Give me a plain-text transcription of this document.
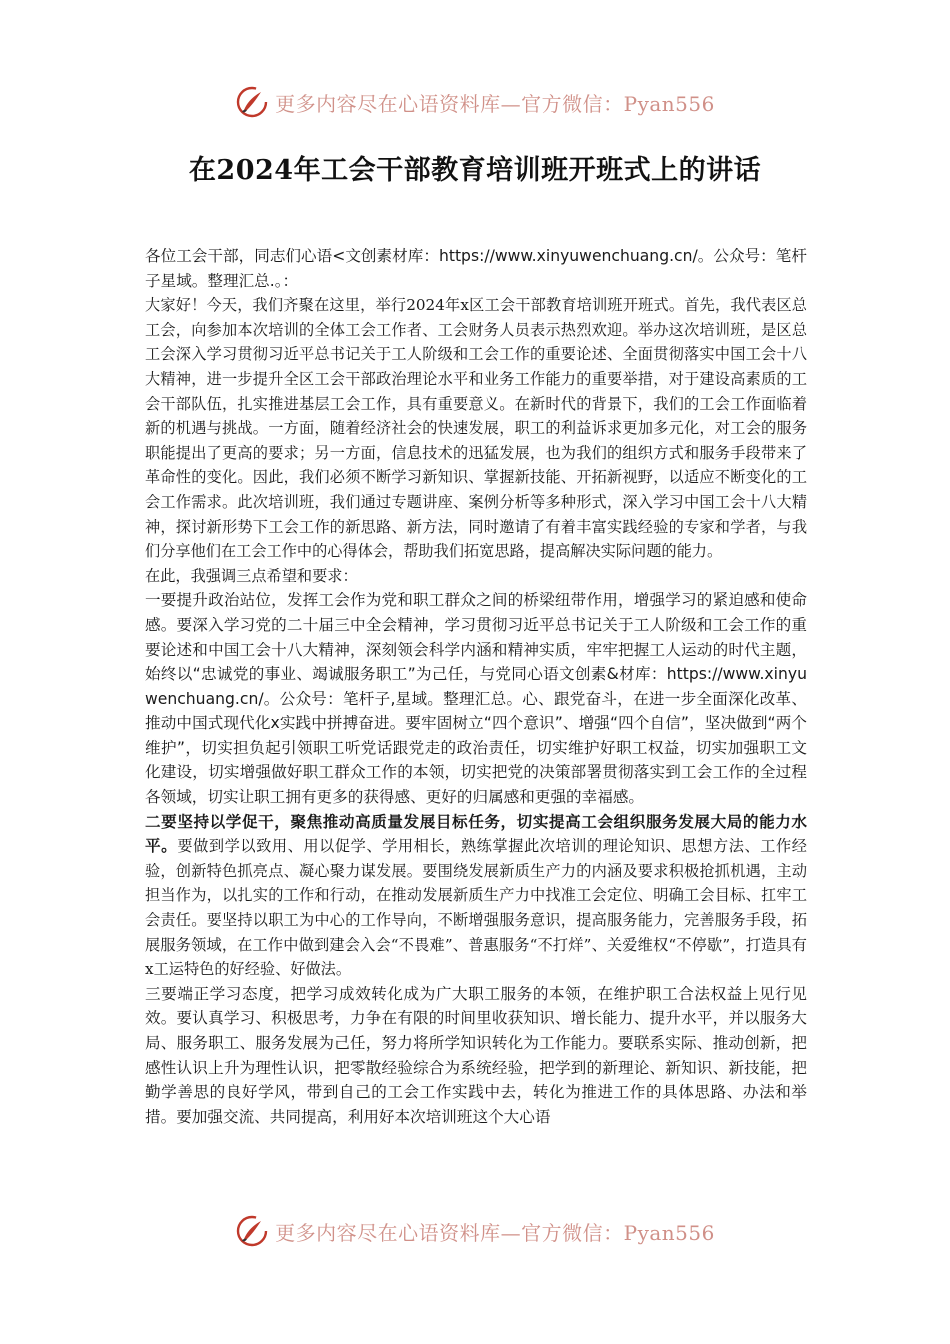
更多内容尽在心语资料库—官方微信：Pyan556
在2024年工会干部教育培训班开班式上的讲话

各位工会干部，同志们心语<文创素材库：https://www.xinyuwenchuang.cn/。公众号：笔杆子星域。整理汇总.。：

大家好！今天，我们齐聚在这里，举行2024年x区工会干部教育培训班开班式。首先，我代表区总工会，向参加本次培训的全体工会工作者、工会财务人员表示热烈欢迎。举办这次培训班，是区总工会深入学习贯彻习近平总书记关于工人阶级和工会工作的重要论述、全面贯彻落实中国工会十八大精神，进一步提升全区工会干部政治理论水平和业务工作能力的重要举措，对于建设高素质的工会干部队伍，扎实推进基层工会工作，具有重要意义。在新时代的背景下，我们的工会工作面临着新的机遇与挑战。一方面，随着经济社会的快速发展，职工的利益诉求更加多元化，对工会的服务职能提出了更高的要求；另一方面，信息技术的迅猛发展，也为我们的组织方式和服务手段带来了革命性的变化。因此，我们必须不断学习新知识、掌握新技能、开拓新视野，以适应不断变化的工会工作需求。此次培训班，我们通过专题讲座、案例分析等多种形式，深入学习中国工会十八大精神，探讨新形势下工会工作的新思路、新方法，同时邀请了有着丰富实践经验的专家和学者，与我们分享他们在工会工作中的心得体会，帮助我们拓宽思路，提高解决实际问题的能力。

在此，我强调三点希望和要求：

一要提升政治站位，发挥工会作为党和职工群众之间的桥梁纽带作用，增强学习的紧迫感和使命感。要深入学习党的二十届三中全会精神，学习贯彻习近平总书记关于工人阶级和工会工作的重要论述和中国工会十八大精神，深刻领会科学内涵和精神实质，牢牢把握工人运动的时代主题，始终以“忠诚党的事业、竭诚服务职工”为己任，与党同心语文创素&材库：https://www.xinyuwenchuang.cn/。公众号：笔杆子,星域。整理汇总。心、跟党奋斗，在进一步全面深化改革、推动中国式现代化x实践中拼搏奋进。要牢固树立“四个意识”、增强“四个自信”，坚决做到“两个维护”，切实担负起引领职工听党话跟党走的政治责任，切实维护好职工权益，切实加强职工文化建设，切实增强做好职工群众工作的本领，切实把党的决策部署贯彻落实到工会工作的全过程各领域，切实让职工拥有更多的获得感、更好的归属感和更强的幸福感。

二要坚持以学促干，聚焦推动高质量发展目标任务，切实提高工会组织服务发展大局的能力水平。要做到学以致用、用以促学、学用相长，熟练掌握此次培训的理论知识、思想方法、工作经验，创新特色抓亮点、凝心聚力谋发展。要围绕发展新质生产力的内涵及要求积极抢抓机遇，主动担当作为，以扎实的工作和行动，在推动发展新质生产力中找准工会定位、明确工会目标、扛牢工会责任。要坚持以职工为中心的工作导向，不断增强服务意识，提高服务能力，完善服务手段，拓展服务领域，在工作中做到建会入会“不畏难”、普惠服务“不打烊”、关爱维权“不停歇”，打造具有x工运特色的好经验、好做法。

三要端正学习态度，把学习成效转化成为广大职工服务的本领，在维护职工合法权益上见行见效。要认真学习、积极思考，力争在有限的时间里收获知识、增长能力、提升水平，并以服务大局、服务职工、服务发展为己任，努力将所学知识转化为工作能力。要联系实际、推动创新，把感性认识上升为理性认识，把零散经验综合为系统经验，把学到的新理论、新知识、新技能，把勤学善思的良好学风，带到自己的工会工作实践中去，转化为推进工作的具体思路、办法和举措。要加强交流、共同提高，利用好本次培训班这个大心语

更多内容尽在心语资料库—官方微信：Pyan556
